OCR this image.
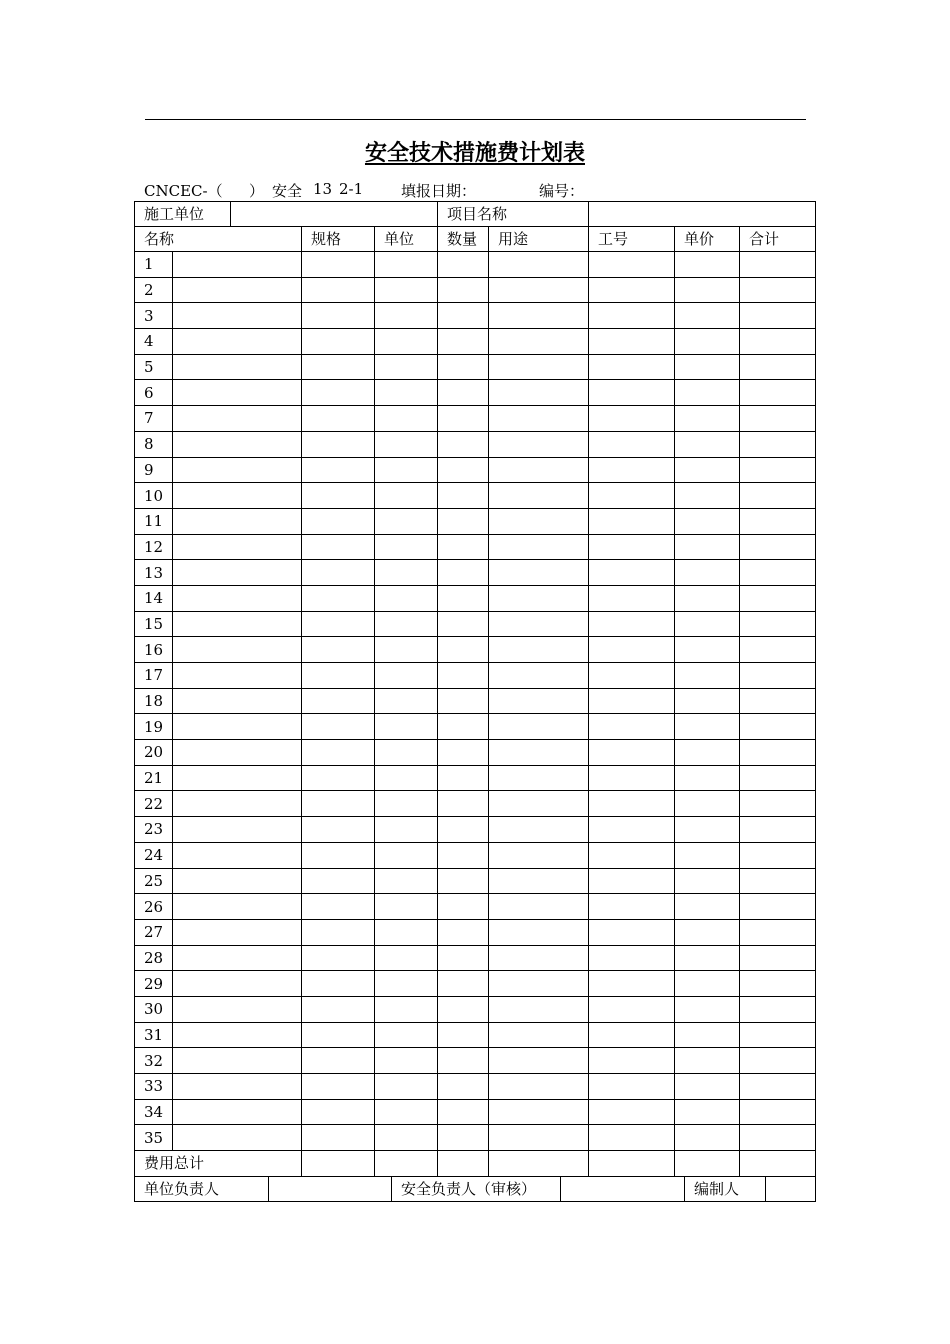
安全技术措施费计划表
CNCEC-（ ） 安全 13 2-1	填报日期：	编号：
施工单位		项目名称	
名称	规格	单位	数量	用途	工号	单价	合计
1								
2								
3								
4								
5								
6								
7								
8								
9								
10								
11								
12								
13								
14								
15								
16								
17								
18								
19								
20								
21								
22								
23								
24								
25								
26								
27								
28								
29								
30								
31								
32								
33								
34								
35								
费用总计							

单位负责人		安全负责人（审核）		编制人	
